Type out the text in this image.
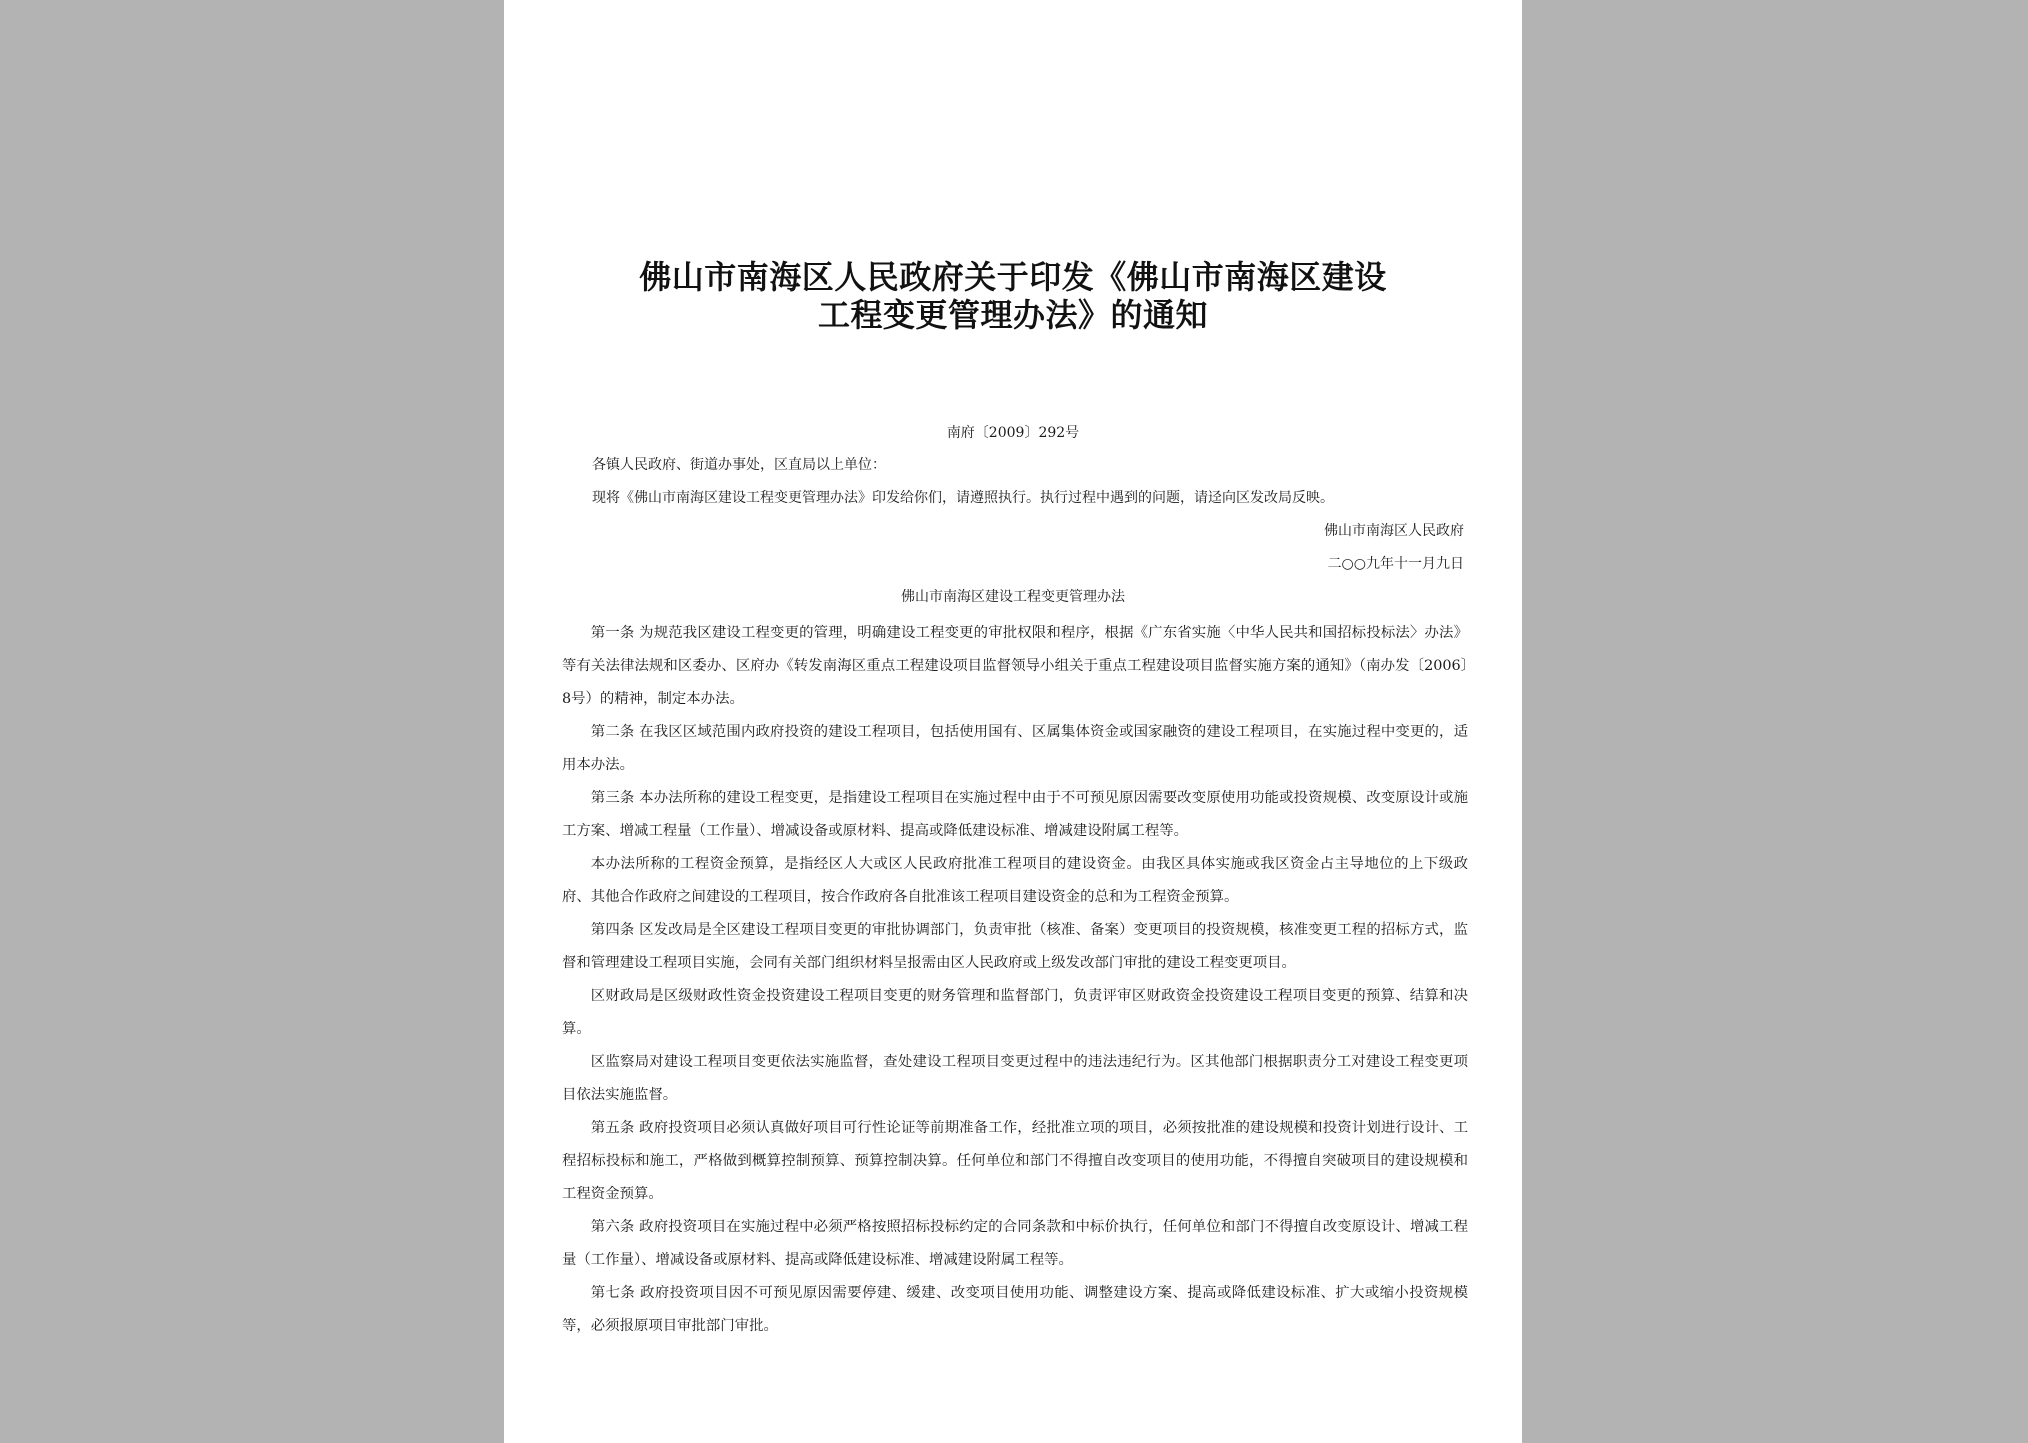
佛山市南海区人民政府关于印发《佛山市南海区建设
工程变更管理办法》的通知
南府〔2009〕292号
各镇人民政府、街道办事处，区直局以上单位：
现将《佛山市南海区建设工程变更管理办法》印发给你们，请遵照执行。执行过程中遇到的问题，请迳向区发改局反映。
佛山市南海区人民政府
二○○九年十一月九日
佛山市南海区建设工程变更管理办法

第一条 为规范我区建设工程变更的管理，明确建设工程变更的审批权限和程序，根据《广东省实施〈中华人民共和国招标投标法〉办法》等有关法律法规和区委办、区府办《转发南海区重点工程建设项目监督领导小组关于重点工程建设项目监督实施方案的通知》（南办发〔2006〕8号）的精神，制定本办法。

第二条 在我区区域范围内政府投资的建设工程项目，包括使用国有、区属集体资金或国家融资的建设工程项目，在实施过程中变更的，适用本办法。

第三条 本办法所称的建设工程变更，是指建设工程项目在实施过程中由于不可预见原因需要改变原使用功能或投资规模、改变原设计或施工方案、增减工程量（工作量）、增减设备或原材料、提高或降低建设标准、增减建设附属工程等。

本办法所称的工程资金预算，是指经区人大或区人民政府批准工程项目的建设资金。由我区具体实施或我区资金占主导地位的上下级政府、其他合作政府之间建设的工程项目，按合作政府各自批准该工程项目建设资金的总和为工程资金预算。

第四条 区发改局是全区建设工程项目变更的审批协调部门，负责审批（核准、备案）变更项目的投资规模，核准变更工程的招标方式，监督和管理建设工程项目实施，会同有关部门组织材料呈报需由区人民政府或上级发改部门审批的建设工程变更项目。

区财政局是区级财政性资金投资建设工程项目变更的财务管理和监督部门，负责评审区财政资金投资建设工程项目变更的预算、结算和决算。

区监察局对建设工程项目变更依法实施监督，查处建设工程项目变更过程中的违法违纪行为。区其他部门根据职责分工对建设工程变更项目依法实施监督。

第五条 政府投资项目必须认真做好项目可行性论证等前期准备工作，经批准立项的项目，必须按批准的建设规模和投资计划进行设计、工程招标投标和施工，严格做到概算控制预算、预算控制决算。任何单位和部门不得擅自改变项目的使用功能，不得擅自突破项目的建设规模和工程资金预算。

第六条 政府投资项目在实施过程中必须严格按照招标投标约定的合同条款和中标价执行，任何单位和部门不得擅自改变原设计、增减工程量（工作量）、增减设备或原材料、提高或降低建设标准、增减建设附属工程等。

第七条 政府投资项目因不可预见原因需要停建、缓建、改变项目使用功能、调整建设方案、提高或降低建设标准、扩大或缩小投资规模等，必须报原项目审批部门审批。
